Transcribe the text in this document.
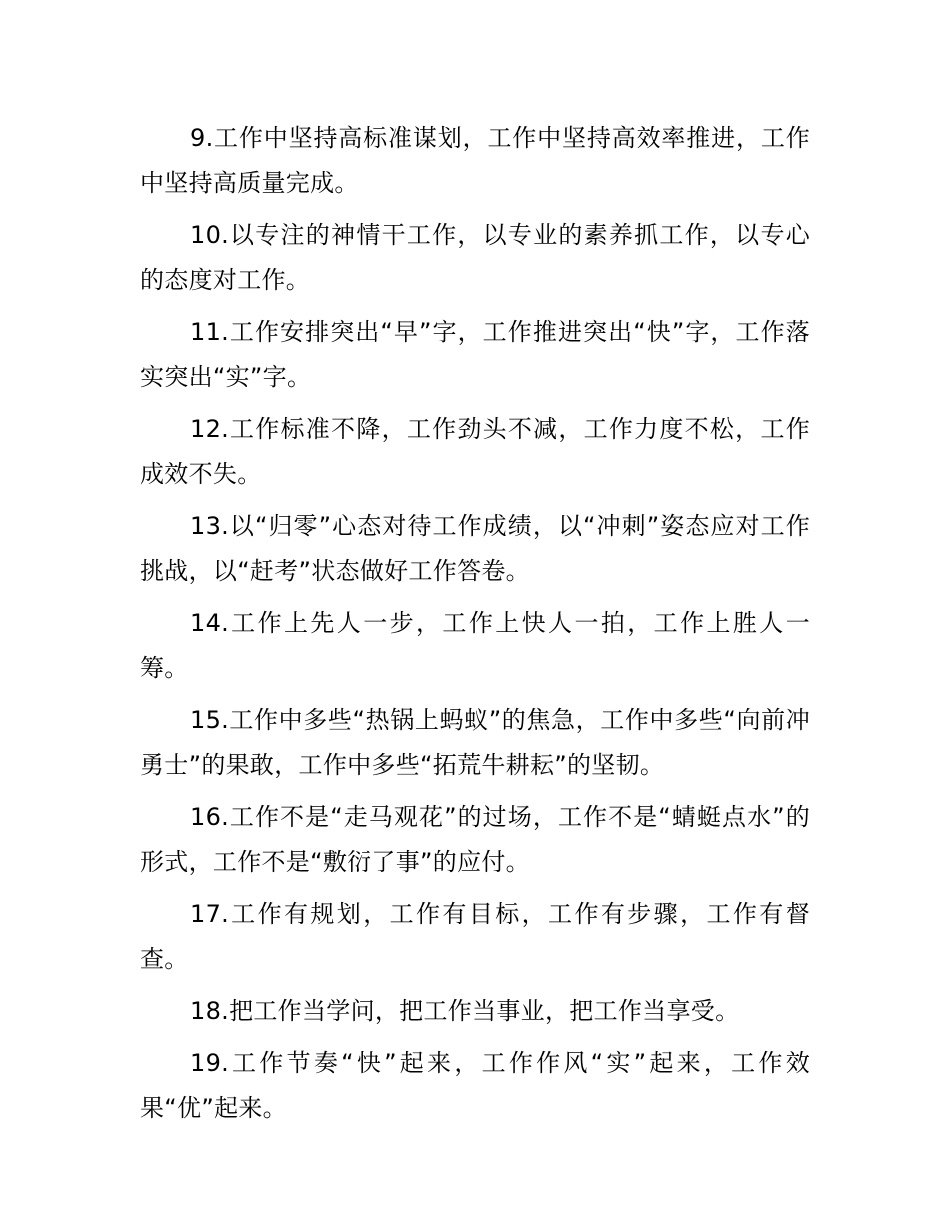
9.工作中坚持高标准谋划，工作中坚持高效率推进，工作中坚持高质量完成。

10.以专注的神情干工作，以专业的素养抓工作，以专心的态度对工作。

11.工作安排突出“早”字，工作推进突出“快”字，工作落实突出“实”字。

12.工作标准不降，工作劲头不减，工作力度不松，工作成效不失。

13.以“归零”心态对待工作成绩，以“冲刺”姿态应对工作挑战，以“赶考”状态做好工作答卷。

14.工作上先人一步，工作上快人一拍，工作上胜人一筹。

15.工作中多些“热锅上蚂蚁”的焦急，工作中多些“向前冲勇士”的果敢，工作中多些“拓荒牛耕耘”的坚韧。

16.工作不是“走马观花”的过场，工作不是“蜻蜓点水”的形式，工作不是“敷衍了事”的应付。

17.工作有规划，工作有目标，工作有步骤，工作有督查。

18.把工作当学问，把工作当事业，把工作当享受。

19.工作节奏“快”起来，工作作风“实”起来，工作效果“优”起来。
